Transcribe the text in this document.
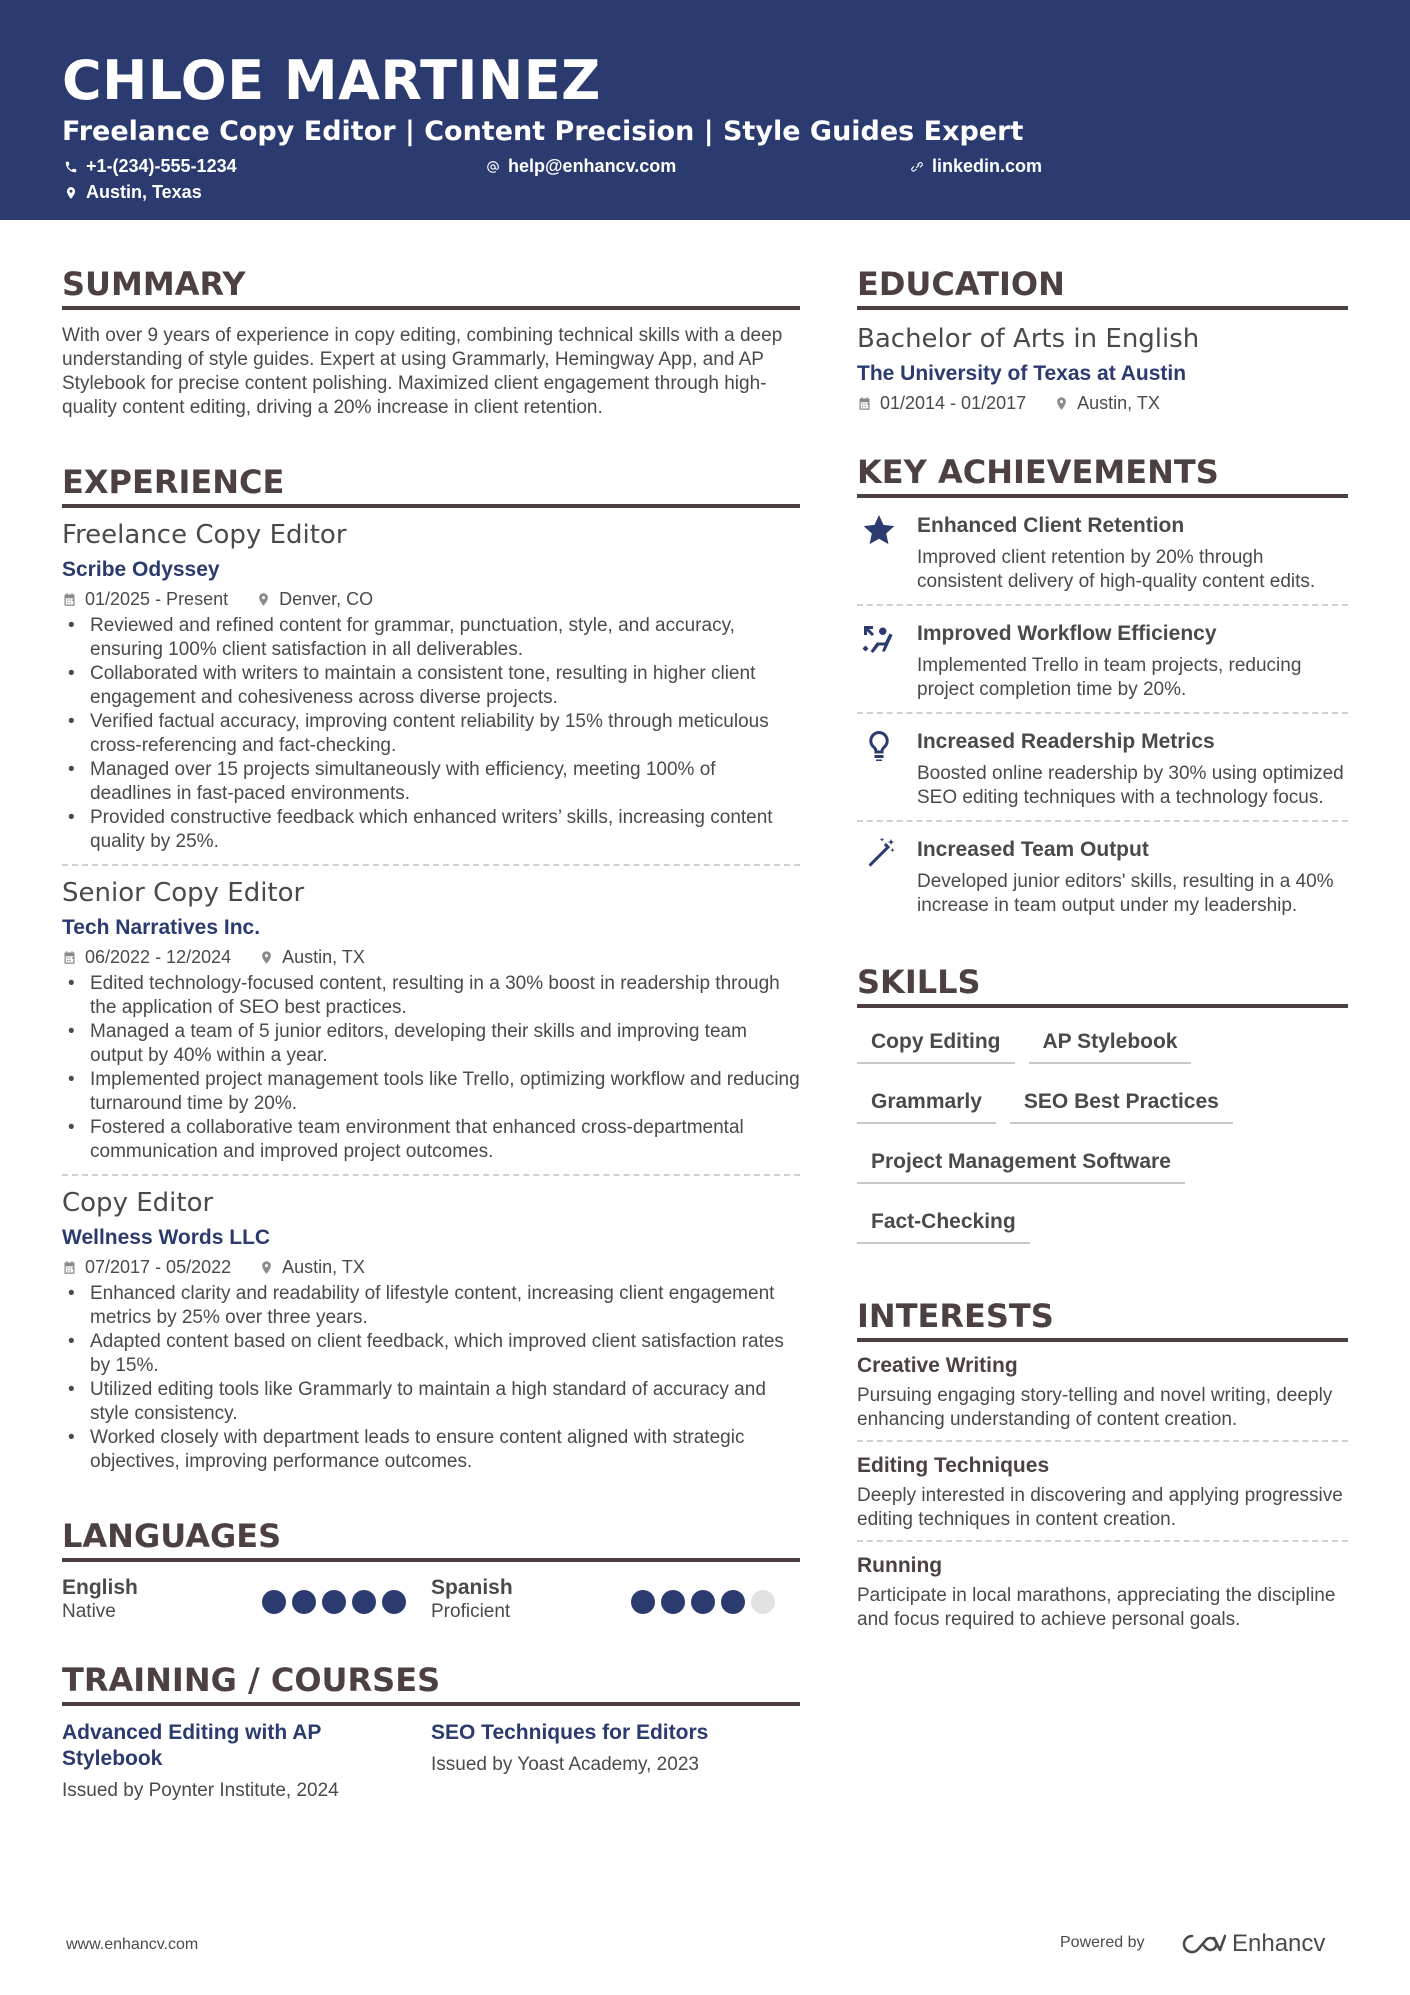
CHLOE MARTINEZ
Freelance Copy Editor | Content Precision | Style Guides Expert
+1-(234)-555-1234	help@enhancv.com	linkedin.com
Austin, Texas
SUMMARY
With over 9 years of experience in copy editing, combining technical skills with a deep understanding of style guides. Expert at using Grammarly, Hemingway App, and AP Stylebook for precise content polishing. Maximized client engagement through high-quality content editing, driving a 20% increase in client retention.
EXPERIENCE
Freelance Copy Editor
Scribe Odyssey
01/2025 - Present	Denver, CO
• Reviewed and refined content for grammar, punctuation, style, and accuracy, ensuring 100% client satisfaction in all deliverables.
• Collaborated with writers to maintain a consistent tone, resulting in higher client engagement and cohesiveness across diverse projects.
• Verified factual accuracy, improving content reliability by 15% through meticulous cross-referencing and fact-checking.
• Managed over 15 projects simultaneously with efficiency, meeting 100% of deadlines in fast-paced environments.
• Provided constructive feedback which enhanced writers’ skills, increasing content quality by 25%.
Senior Copy Editor
Tech Narratives Inc.
06/2022 - 12/2024	Austin, TX
• Edited technology-focused content, resulting in a 30% boost in readership through the application of SEO best practices.
• Managed a team of 5 junior editors, developing their skills and improving team output by 40% within a year.
• Implemented project management tools like Trello, optimizing workflow and reducing turnaround time by 20%.
• Fostered a collaborative team environment that enhanced cross-departmental communication and improved project outcomes.
Copy Editor
Wellness Words LLC
07/2017 - 05/2022	Austin, TX
• Enhanced clarity and readability of lifestyle content, increasing client engagement metrics by 25% over three years.
• Adapted content based on client feedback, which improved client satisfaction rates by 15%.
• Utilized editing tools like Grammarly to maintain a high standard of accuracy and style consistency.
• Worked closely with department leads to ensure content aligned with strategic objectives, improving performance outcomes.
LANGUAGES
English
Native
Spanish
Proficient
TRAINING / COURSES
Advanced Editing with AP Stylebook
Issued by Poynter Institute, 2024
SEO Techniques for Editors
Issued by Yoast Academy, 2023
EDUCATION
Bachelor of Arts in English
The University of Texas at Austin
01/2014 - 01/2017	Austin, TX
KEY ACHIEVEMENTS
Enhanced Client Retention
Improved client retention by 20% through consistent delivery of high-quality content edits.
Improved Workflow Efficiency
Implemented Trello in team projects, reducing project completion time by 20%.
Increased Readership Metrics
Boosted online readership by 30% using optimized SEO editing techniques with a technology focus.
Increased Team Output
Developed junior editors' skills, resulting in a 40% increase in team output under my leadership.
SKILLS
Copy Editing	AP Stylebook
Grammarly	SEO Best Practices
Project Management Software
Fact-Checking
INTERESTS
Creative Writing
Pursuing engaging story-telling and novel writing, deeply enhancing understanding of content creation.
Editing Techniques
Deeply interested in discovering and applying progressive editing techniques in content creation.
Running
Participate in local marathons, appreciating the discipline and focus required to achieve personal goals.
www.enhancv.com	Powered by	Enhancv
